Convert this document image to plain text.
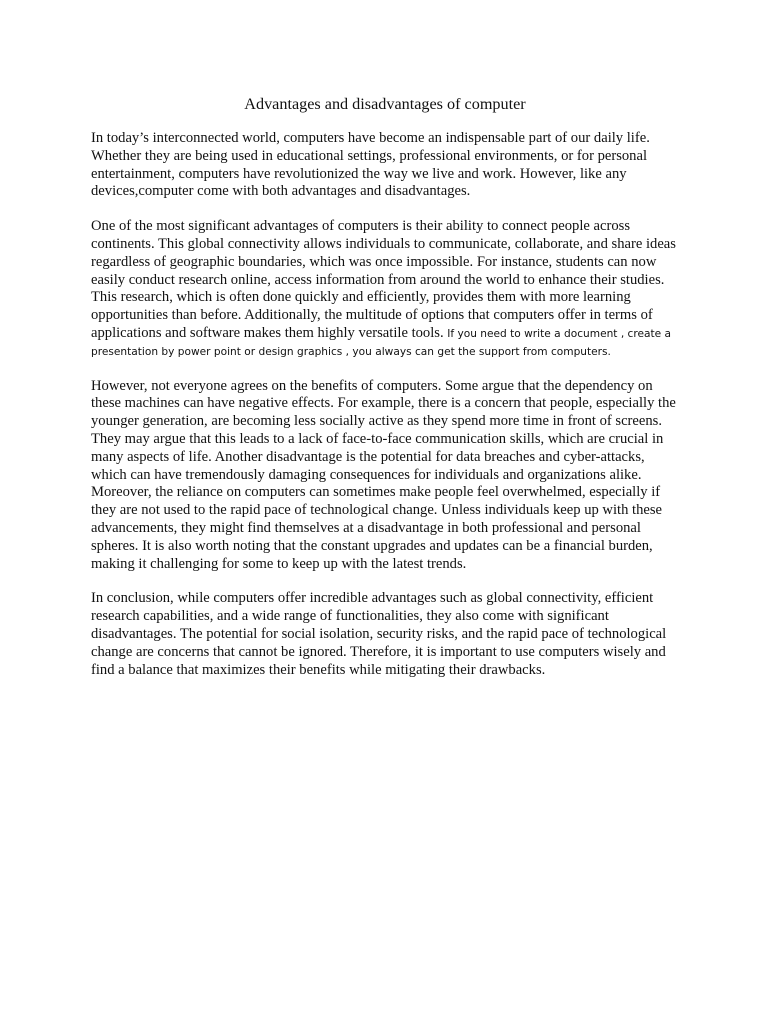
Advantages and disadvantages of computer

In today’s interconnected world, computers have become an indispensable part of our daily life. Whether they are being used in educational settings, professional environments, or for personal entertainment, computers have revolutionized the way we live and work. However, like any devices,computer come with both advantages and disadvantages.

One of the most significant advantages of computers is their ability to connect people across continents. This global connectivity allows individuals to communicate, collaborate, and share ideas regardless of geographic boundaries, which was once impossible. For instance, students can now easily conduct research online, access information from around the world to enhance their studies. This research, which is often done quickly and efficiently, provides them with more learning opportunities than before. Additionally, the multitude of options that computers offer in terms of applications and software makes them highly versatile tools. If you need to write a document , create a presentation by power point or design graphics , you always can get the support from computers.

However, not everyone agrees on the benefits of computers. Some argue that the dependency on these machines can have negative effects. For example, there is a concern that people, especially the younger generation, are becoming less socially active as they spend more time in front of screens. They may argue that this leads to a lack of face-to-face communication skills, which are crucial in many aspects of life. Another disadvantage is the potential for data breaches and cyber-attacks, which can have tremendously damaging consequences for individuals and organizations alike. Moreover, the reliance on computers can sometimes make people feel overwhelmed, especially if they are not used to the rapid pace of technological change. Unless individuals keep up with these advancements, they might find themselves at a disadvantage in both professional and personal spheres. It is also worth noting that the constant upgrades and updates can be a financial burden, making it challenging for some to keep up with the latest trends.

In conclusion, while computers offer incredible advantages such as global connectivity, efficient research capabilities, and a wide range of functionalities, they also come with significant disadvantages. The potential for social isolation, security risks, and the rapid pace of technological change are concerns that cannot be ignored. Therefore, it is important to use computers wisely and find a balance that maximizes their benefits while mitigating their drawbacks.
